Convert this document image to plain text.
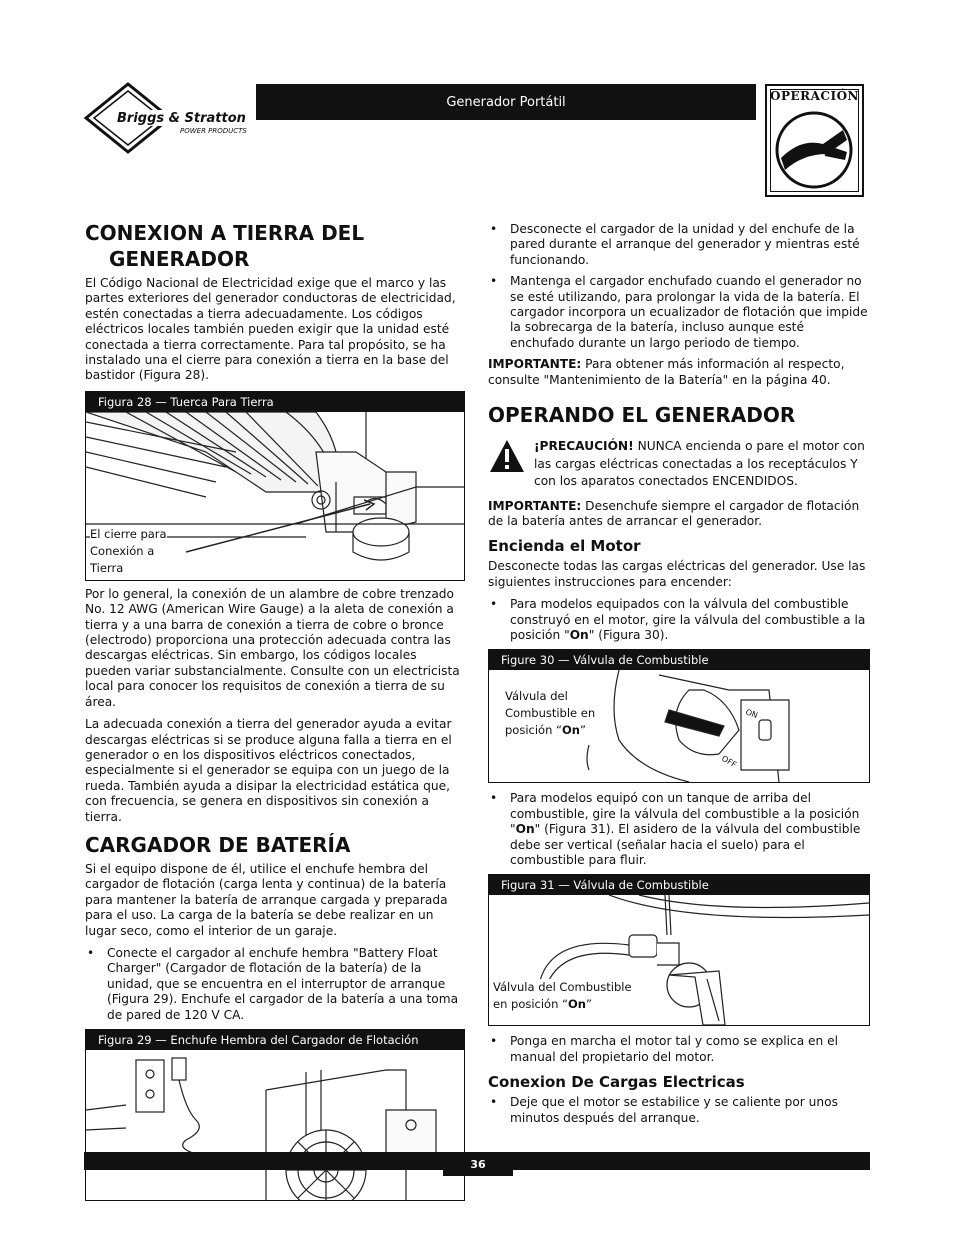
Briggs & Stratton
POWER PRODUCTS
Generador Portátil	OPERACIÓN
CONEXION A TIERRA DEL
GENERADOR

El Código Nacional de Electricidad exige que el marco y las partes exteriores del generador conductoras de electricidad, estén conectadas a tierra adecuadamente. Los códigos eléctricos locales también pueden exigir que la unidad esté conectada a tierra correctamente. Para tal propósito, se ha instalado una el cierre para conexión a tierra en la base del bastidor (Figura 28).

Figura 28 — Tuerca Para Tierra
El cierre para
Conexión a
Tierra

Por lo general, la conexión de un alambre de cobre trenzado No. 12 AWG (American Wire Gauge) a la aleta de conexión a tierra y a una barra de conexión a tierra de cobre o bronce (electrodo) proporciona una protección adecuada contra las descargas eléctricas. Sin embargo, los códigos locales pueden variar substancialmente. Consulte con un electricista local para conocer los requisitos de conexión a tierra de su área.

La adecuada conexión a tierra del generador ayuda a evitar descargas eléctricas si se produce alguna falla a tierra en el generador o en los dispositivos eléctricos conectados, especialmente si el generador se equipa con un juego de la rueda. También ayuda a disipar la electricidad estática que, con frecuencia, se genera en dispositivos sin conexión a tierra.

CARGADOR DE BATERÍA

Si el equipo dispone de él, utilice el enchufe hembra del cargador de flotación (carga lenta y continua) de la batería para mantener la batería de arranque cargada y preparada para el uso. La carga de la batería se debe realizar en un lugar seco, como el interior de un garaje.

• Conecte el cargador al enchufe hembra "Battery Float Charger" (Cargador de flotación de la batería) de la unidad, que se encuentra en el interruptor de arranque (Figura 29). Enchufe el cargador de la batería a una toma de pared de 120 V CA.
Figura 29 — Enchufe Hembra del Cargador de Flotación
• Desconecte el cargador de la unidad y del enchufe de la pared durante el arranque del generador y mientras esté funcionando.
• Mantenga el cargador enchufado cuando el generador no se esté utilizando, para prolongar la vida de la batería. El cargador incorpora un ecualizador de flotación que impide la sobrecarga de la batería, incluso aunque esté enchufado durante un largo periodo de tiempo.

IMPORTANTE: Para obtener más información al respecto, consulte "Mantenimiento de la Batería" en la página 40.

OPERANDO EL GENERADOR
¡PRECAUCIÓN! NUNCA encienda o pare el motor con las cargas eléctricas conectadas a los receptáculos Y con los aparatos conectados ENCENDIDOS.

IMPORTANTE: Desenchufe siempre el cargador de flotación de la batería antes de arrancar el generador.

Encienda el Motor

Desconecte todas las cargas eléctricas del generador. Use las siguientes instrucciones para encender:

• Para modelos equipados con la válvula del combustible construyó en el motor, gire la válvula del combustible a la posición "On" (Figura 30).
Figure 30 — Válvula de Combustible
ON
OFF
Válvula del
Combustible en
posición “On”
• Para modelos equipó con un tanque de arriba del combustible, gire la válvula del combustible a la posición "On" (Figura 31). El asidero de la válvula del combustible debe ser vertical (señalar hacia el suelo) para el combustible para fluir.
Figura 31 — Válvula de Combustible
Válvula del Combustible
en posición “On”
• Ponga en marcha el motor tal y como se explica en el manual del propietario del motor.
Conexion De Cargas Electricas
• Deje que el motor se estabilice y se caliente por unos minutos después del arranque.
36
